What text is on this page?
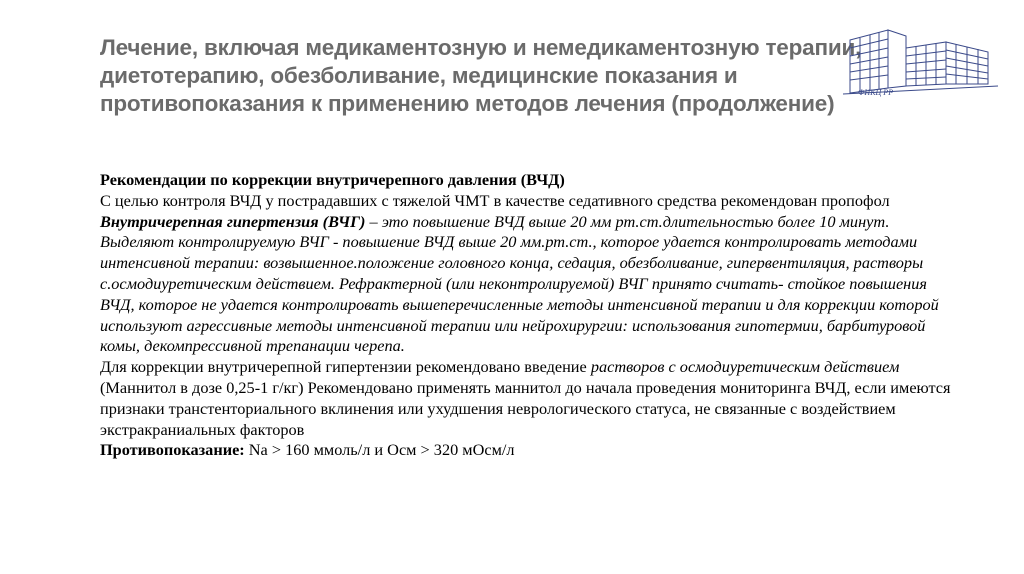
Лечение, включая медикаментозную и немедикаментозную терапии, диетотерапию, обезболивание, медицинские показания и противопоказания к применению методов лечения (продолжение)	ФНКЦ РР

Рекомендации по коррекции внутричерепного давления (ВЧД)

С целью контроля ВЧД у пострадавших с тяжелой ЧМТ в качестве седативного средства рекомендован пропофол

Внутричерепная гипертензия (ВЧГ) – это повышение ВЧД выше 20 мм рт.ст.длительностью более 10 минут. Выделяют контролируемую ВЧГ - повышение ВЧД выше 20 мм.рт.ст., которое удается контролировать методами интенсивной терапии: возвышенное.положение головного конца, седация, обезболивание, гипервентиляция, растворы с.осмодиуретическим действием. Рефрактерной (или неконтролируемой) ВЧГ принято считать- стойкое повышения ВЧД, которое не удается контролировать вышеперечисленные методы интенсивной терапии и для коррекции которой используют агрессивные методы интенсивной терапии или нейрохирургии: использования гипотермии, барбитуровой комы, декомпрессивной трепанации черепа.

Для коррекции внутричерепной гипертензии рекомендовано введение растворов с осмодиуретическим действием (Маннитол в дозе 0,25-1 г/кг) Рекомендовано применять маннитол до начала проведения мониторинга ВЧД, если имеются признаки транстенториального вклинения или ухудшения неврологического статуса, не связанные с воздействием экстракраниальных факторов

Противопоказание: Na > 160 ммоль/л и Осм > 320 мОсм/л
